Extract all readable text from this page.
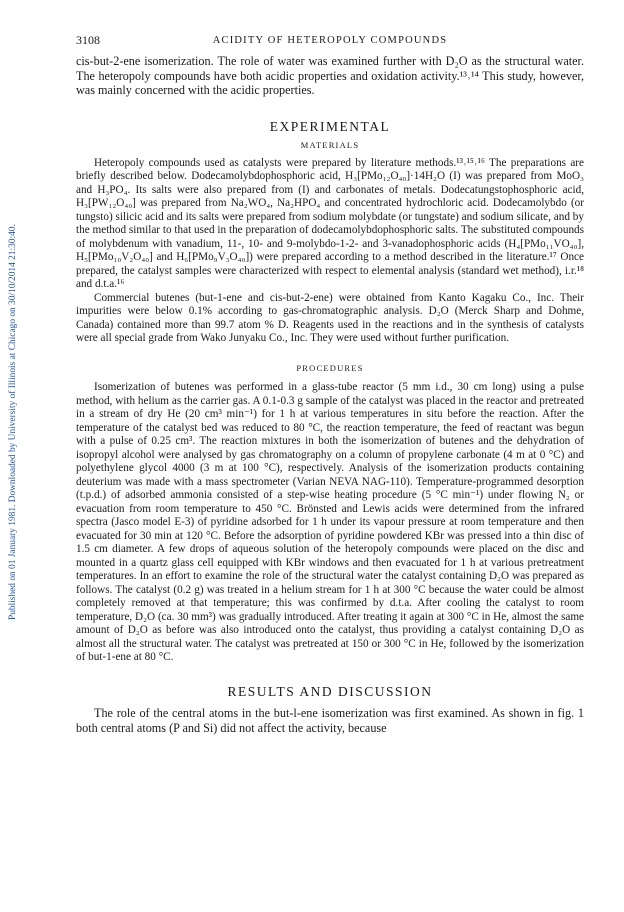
Published on 01 January 1981. Downloaded by University of Illinois at Chicago on 30/10/2014 21:30:40.
3108	ACIDITY OF HETEROPOLY COMPOUNDS

cis-but-2-ene isomerization. The role of water was examined further with D₂O as the structural water. The heteropoly compounds have both acidic properties and oxidation activity.¹³˒¹⁴ This study, however, was mainly concerned with the acidic properties.

EXPERIMENTAL
MATERIALS

Heteropoly compounds used as catalysts were prepared by literature methods.¹³˒¹⁵˒¹⁶ The preparations are briefly described below. Dodecamolybdophosphoric acid, H₃[PMo₁₂O₄₀]·14H₂O (I) was prepared from MoO₃ and H₃PO₄. Its salts were also prepared from (I) and carbonates of metals. Dodecatungstophosphoric acid, H₃[PW₁₂O₄₀] was prepared from Na₂WO₄, Na₂HPO₄ and concentrated hydrochloric acid. Dodecamolybdo (or tungsto) silicic acid and its salts were prepared from sodium molybdate (or tungstate) and sodium silicate, and by the method similar to that used in the preparation of dodecamolybdophosphoric salts. The substituted compounds of molybdenum with vanadium, 11-, 10- and 9-molybdo-1-2- and 3-vanadophosphoric acids (H₄[PMo₁₁VO₄₀], H₅[PMo₁₀V₂O₄₀] and H₆[PMo₉V₃O₄₀]) were prepared according to a method described in the literature.¹⁷ Once prepared, the catalyst samples were characterized with respect to elemental analysis (standard wet method), i.r.¹⁸ and d.t.a.¹⁶

Commercial butenes (but-1-ene and cis-but-2-ene) were obtained from Kanto Kagaku Co., Inc. Their impurities were below 0.1% according to gas-chromatographic analysis. D₂O (Merck Sharp and Dohme, Canada) contained more than 99.7 atom % D. Reagents used in the reactions and in the synthesis of catalysts were all special grade from Wako Junyaku Co., Inc. They were used without further purification.

PROCEDURES

Isomerization of butenes was performed in a glass-tube reactor (5 mm i.d., 30 cm long) using a pulse method, with helium as the carrier gas. A 0.1-0.3 g sample of the catalyst was placed in the reactor and pretreated in a stream of dry He (20 cm³ min⁻¹) for 1 h at various temperatures in situ before the reaction. After the temperature of the catalyst bed was reduced to 80 °C, the reaction temperature, the feed of reactant was begun with a pulse of 0.25 cm³. The reaction mixtures in both the isomerization of butenes and the dehydration of isopropyl alcohol were analysed by gas chromatography on a column of propylene carbonate (4 m at 0 °C) and polyethylene glycol 4000 (3 m at 100 °C), respectively. Analysis of the isomerization products containing deuterium was made with a mass spectrometer (Varian NEVA NAG-110). Temperature-programmed desorption (t.p.d.) of adsorbed ammonia consisted of a step-wise heating procedure (5 °C min⁻¹) under flowing N₂ or evacuation from room temperature to 450 °C. Brönsted and Lewis acids were determined from the infrared spectra (Jasco model E-3) of pyridine adsorbed for 1 h under its vapour pressure at room temperature and then evacuated for 30 min at 120 °C. Before the adsorption of pyridine powdered KBr was pressed into a thin disc of 1.5 cm diameter. A few drops of aqueous solution of the heteropoly compounds were placed on the disc and mounted in a quartz glass cell equipped with KBr windows and then evacuated for 1 h at various pretreatment temperatures. In an effort to examine the role of the structural water the catalyst containing D₂O was prepared as follows. The catalyst (0.2 g) was treated in a helium stream for 1 h at 300 °C because the water could be almost completely removed at that temperature; this was confirmed by d.t.a. After cooling the catalyst to room temperature, D₂O (ca. 30 mm³) was gradually introduced. After treating it again at 300 °C in He, almost the same amount of D₂O as before was also introduced onto the catalyst, thus providing a catalyst containing D₂O as almost all the structural water. The catalyst was pretreated at 150 or 300 °C in He, followed by the isomerization of but-1-ene at 80 °C.

RESULTS AND DISCUSSION

The role of the central atoms in the but-l-ene isomerization was first examined. As shown in fig. 1 both central atoms (P and Si) did not affect the activity, because
